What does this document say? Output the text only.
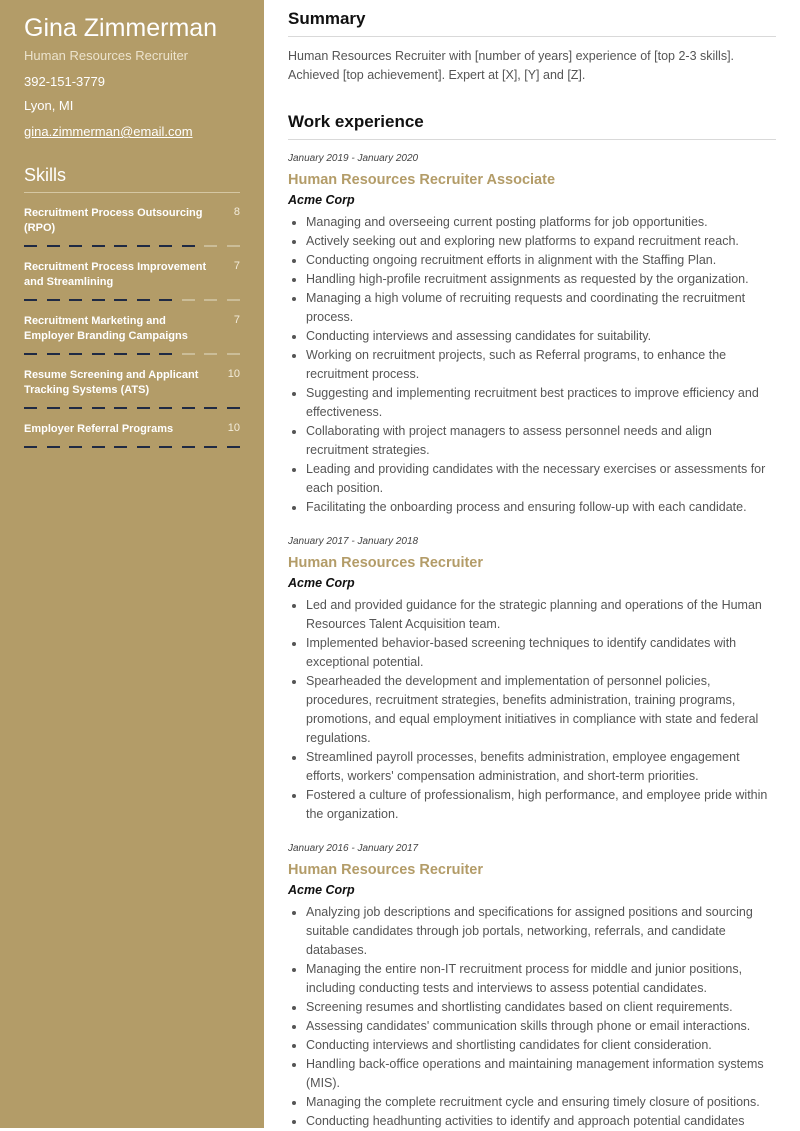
Gina Zimmerman
Human Resources Recruiter
392-151-3779
Lyon, MI
gina.zimmerman@email.com
Skills
Recruitment Process Outsourcing (RPO)
8
Recruitment Process Improvement and Streamlining
7
Recruitment Marketing and Employer Branding Campaigns
7
Resume Screening and Applicant Tracking Systems (ATS)
10
Employer Referral Programs	10
Summary
Human Resources Recruiter with [number of years] experience of [top 2-3 skills]. Achieved [top achievement]. Expert at [X], [Y] and [Z].
Work experience
January 2019 - January 2020
Human Resources Recruiter Associate
Acme Corp
• Managing and overseeing current posting platforms for job opportunities.
• Actively seeking out and exploring new platforms to expand recruitment reach.
• Conducting ongoing recruitment efforts in alignment with the Staffing Plan.
• Handling high-profile recruitment assignments as requested by the organization.
• Managing a high volume of recruiting requests and coordinating the recruitment process.
• Conducting interviews and assessing candidates for suitability.
• Working on recruitment projects, such as Referral programs, to enhance the recruitment process.
• Suggesting and implementing recruitment best practices to improve efficiency and effectiveness.
• Collaborating with project managers to assess personnel needs and align recruitment strategies.
• Leading and providing candidates with the necessary exercises or assessments for each position.
• Facilitating the onboarding process and ensuring follow-up with each candidate.
January 2017 - January 2018
Human Resources Recruiter
Acme Corp
• Led and provided guidance for the strategic planning and operations of the Human Resources Talent Acquisition team.
• Implemented behavior-based screening techniques to identify candidates with exceptional potential.
• Spearheaded the development and implementation of personnel policies, procedures, recruitment strategies, benefits administration, training programs, promotions, and equal employment initiatives in compliance with state and federal regulations.
• Streamlined payroll processes, benefits administration, employee engagement efforts, workers' compensation administration, and short-term priorities.
• Fostered a culture of professionalism, high performance, and employee pride within the organization.
January 2016 - January 2017
Human Resources Recruiter
Acme Corp
• Analyzing job descriptions and specifications for assigned positions and sourcing suitable candidates through job portals, networking, referrals, and candidate databases.
• Managing the entire non-IT recruitment process for middle and junior positions, including conducting tests and interviews to assess potential candidates.
• Screening resumes and shortlisting candidates based on client requirements.
• Assessing candidates' communication skills through phone or email interactions.
• Conducting interviews and shortlisting candidates for client consideration.
• Handling back-office operations and maintaining management information systems (MIS).
• Managing the complete recruitment cycle and ensuring timely closure of positions.
• Conducting headhunting activities to identify and approach potential candidates
